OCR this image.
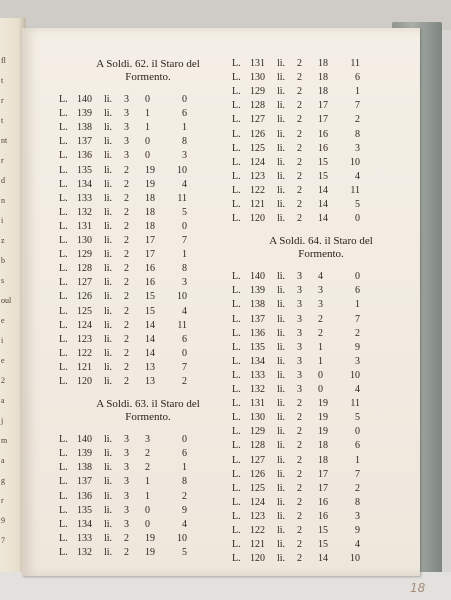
fl
t
r
t
nt
r
d
n
i
z
b
s
oul
e
i
e
2
a
j
m
a
g
r
9
7
A Soldi. 62. il Staro del
Formento.
L. 140 li. 3 0	0
L. 139 li. 3 1	6
L. 138 li. 3 1	1
L. 137 li. 3 0	8
L. 136 li. 3 0	3
L. 135 li. 2 19	10
L. 134 li. 2 19	4
L. 133 li. 2 18	11
L. 132 li. 2 18	5
L. 131 li. 2 18	0
L. 130 li. 2 17	7
L. 129 li. 2 17	1
L. 128 li. 2 16	8
L. 127 li. 2 16	3
L. 126 li. 2 15	10
L. 125 li. 2 15	4
L. 124 li. 2 14	11
L. 123 li. 2 14	6
L. 122 li. 2 14	0
L. 121 li. 2 13	7
L. 120 li. 2 13	2
A Soldi. 63. il Staro del
Formento.
L. 140 li. 3 3	0
L. 139 li. 3 2	6
L. 138 li. 3 2	1
L. 137 li. 3 1	8
L. 136 li. 3 1	2
L. 135 li. 3 0	9
L. 134 li. 3 0	4
L. 133 li. 2 19	10
L. 132 li. 2 19	5
L. 131 li. 2 18	11
L. 130 li. 2 18	6
L. 129 li. 2 18	1
L. 128 li. 2 17	7
L. 127 li. 2 17	2
L. 126 li. 2 16	8
L. 125 li. 2 16	3
L. 124 li. 2 15	10
L. 123 li. 2 15	4
L. 122 li. 2 14	11
L. 121 li. 2 14	5
L. 120 li. 2 14	0
A Soldi. 64. il Staro del
Formento.
L. 140 li. 3 4	0
L. 139 li. 3 3	6
L. 138 li. 3 3	1
L. 137 li. 3 2	7
L. 136 li. 3 2	2
L. 135 li. 3 1	9
L. 134 li. 3 1	3
L. 133 li. 3 0	10
L. 132 li. 3 0	4
L. 131 li. 2 19	11
L. 130 li. 2 19	5
L. 129 li. 2 19	0
L. 128 li. 2 18	6
L. 127 li. 2 18	1
L. 126 li. 2 17	7
L. 125 li. 2 17	2
L. 124 li. 2 16	8
L. 123 li. 2 16	3
L. 122 li. 2 15	9
L. 121 li. 2 15	4
L. 120 li. 2 14	10
18
